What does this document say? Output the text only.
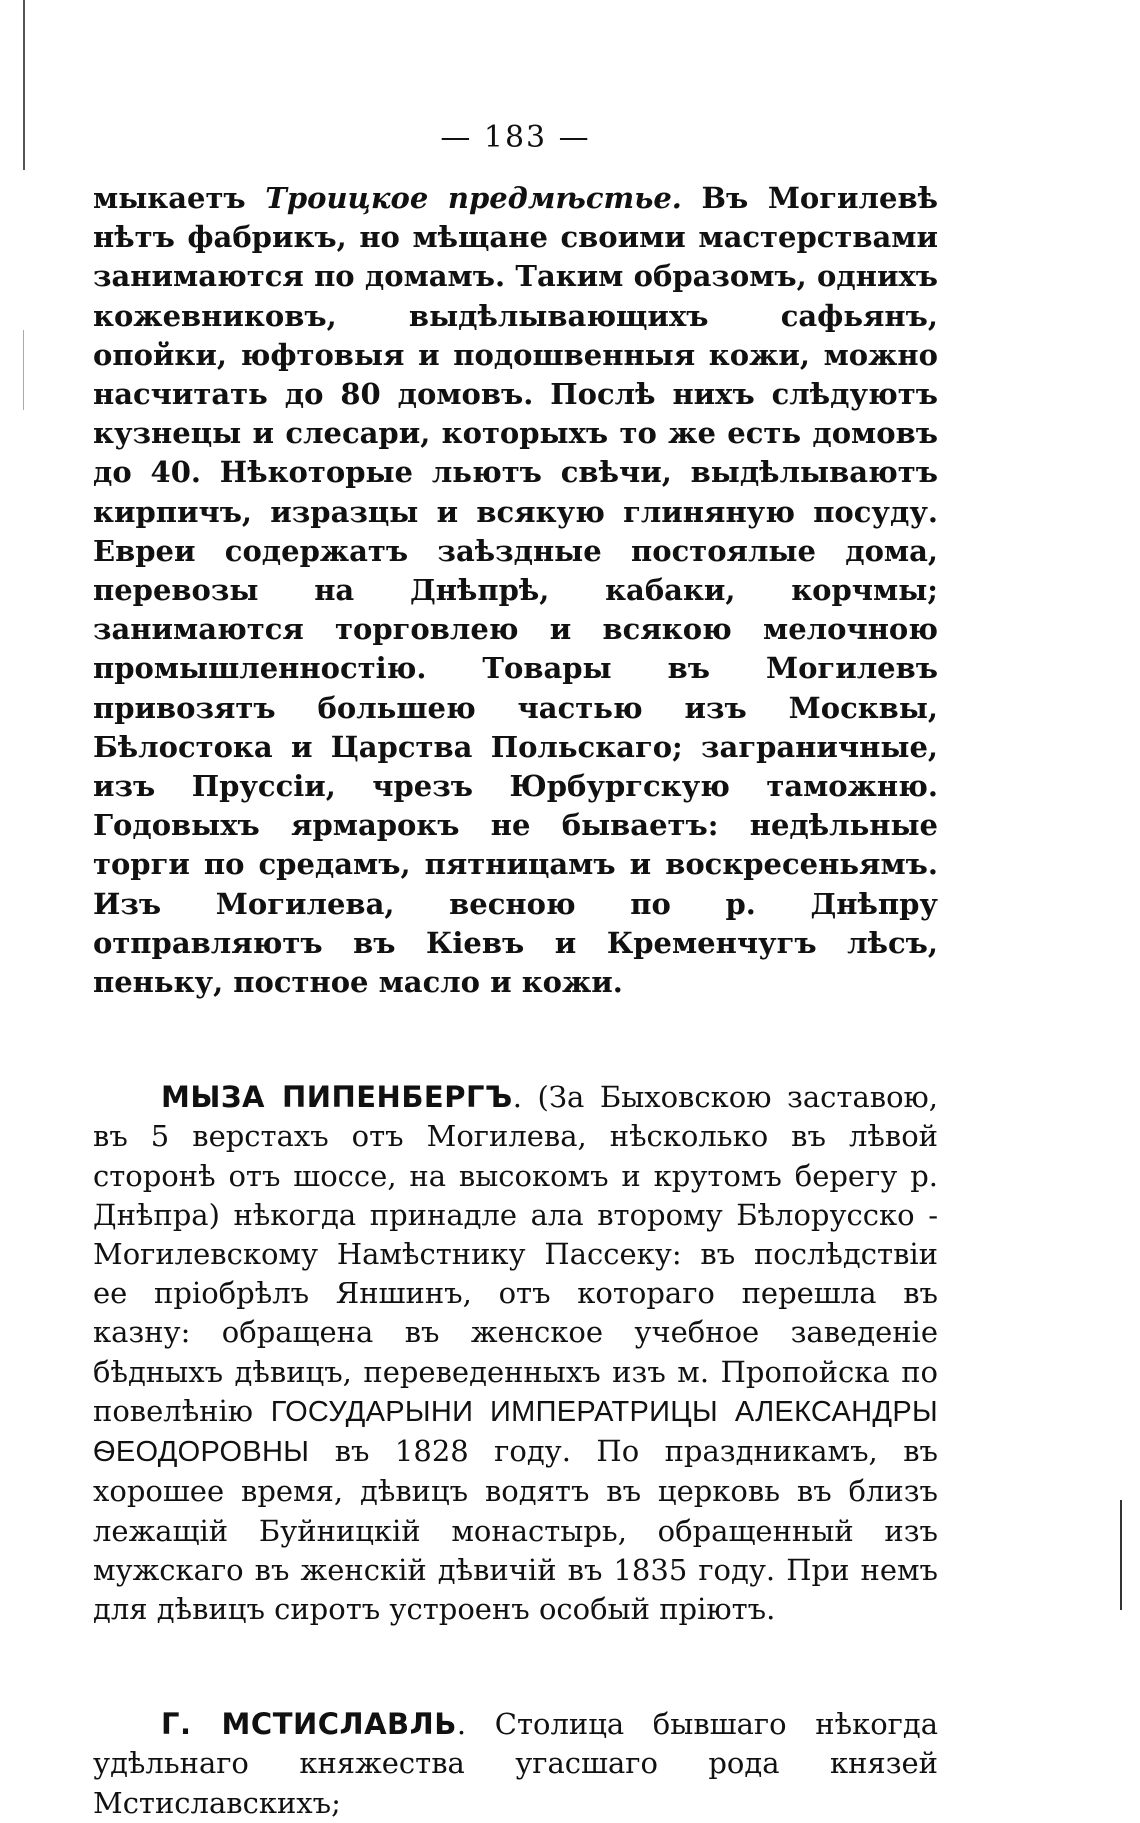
— 183 —

мыкаетъ Троицкое предмѣстье. Въ Могилевѣ нѣтъ фабрикъ, но мѣщане своими мастерствами занимаются по домамъ. Таким образомъ, однихъ кожевниковъ, выдѣлывающихъ сафьянъ, опойки, юфтовыя и подошвенныя кожи, можно насчитать до 80 домовъ. Послѣ нихъ слѣдуютъ кузнецы и слесари, которыхъ то же есть домовъ до 40. Нѣкоторые льютъ свѣчи, выдѣлываютъ кирпичъ, изразцы и всякую глиняную посуду. Евреи содержатъ заѣздные постоялые дома, перевозы на Днѣпрѣ, кабаки, корчмы; занимаются торговлею и всякою мелочною промышленностію. Товары въ Могилевъ привозятъ большею частью изъ Москвы, Бѣлостока и Царства Польскаго; заграничные, изъ Пруссіи, чрезъ Юрбургскую таможню. Годовыхъ ярмарокъ не бываетъ: недѣльные торги по средамъ, пятницамъ и воскресеньямъ. Изъ Могилева, весною по р. Днѣпру отправляютъ въ Кіевъ и Кременчугъ лѣсъ, пеньку, постное масло и кожи.

МЫЗА ПИПЕНБЕРГЪ. (За Быховскою заставою, въ 5 верстахъ отъ Могилева, нѣсколько въ лѣвой сторонѣ отъ шоссе, на высокомъ и крутомъ берегу р. Днѣпра) нѣкогда принадле ала второму Бѣлорусско - Могилевскому Намѣстнику Пассеку: въ послѣдствіи ее пріобрѣлъ Яншинъ, отъ котораго перешла въ казну: обращена въ женское учебное заведеніе бѣдныхъ дѣвицъ, переведенныхъ изъ м. Пропойска по повелѣнію ГОСУДАРЫНИ ИМПЕРАТРИЦЫ АЛЕКСАНДРЫ ѲЕОДОРОВНЫ въ 1828 году. По праздникамъ, въ хорошее время, дѣвицъ водятъ въ церковь въ близъ лежащій Буйницкій монастырь, обращенный изъ мужскаго въ женскій дѣвичій въ 1835 году. При немъ для дѣвицъ сиротъ устроенъ особый пріютъ.

Г. МСТИСЛАВЛЬ. Столица бывшаго нѣкогда удѣльнаго княжества угасшаго рода князей Мстиславскихъ;
